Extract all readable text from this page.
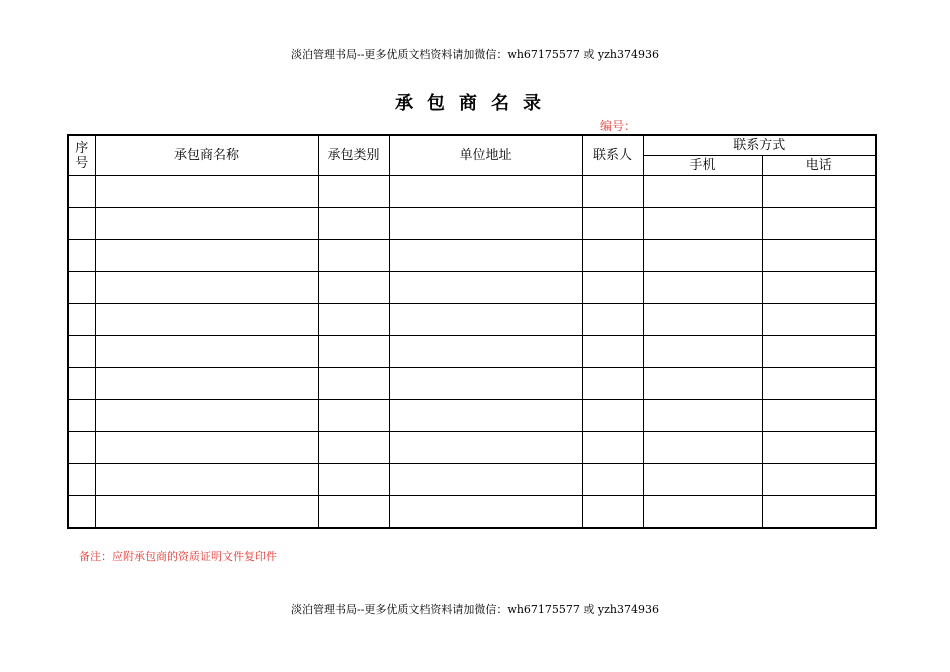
淡泊管理书局--更多优质文档资料请加微信：wh67175577 或 yzh374936
承包商名录
编号：
序
号	承包商名称	承包类别	单位地址	联系人	联系方式	
					手机	电话

备注：应附承包商的资质证明文件复印件
淡泊管理书局--更多优质文档资料请加微信：wh67175577 或 yzh374936
